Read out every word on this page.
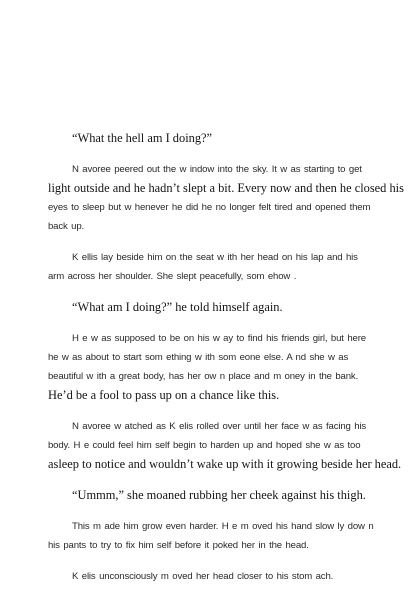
“What the hell am I doing?”
N avoree peered out the w indow into the sky. It w as starting to get
light outside and he hadn’t slept a bit. Every now and then he closed his
eyes to sleep but w henever he did he no longer felt tired and opened them
back up.
K ellis lay beside him on the seat w ith her head on his lap and his
arm across her shoulder. She slept peacefully, som ehow .
“What am I doing?” he told himself again.
H e w as supposed to be on his w ay to find his friends girl, but here
he w as about to start som ething w ith som eone else. A nd she w as
beautiful w ith a great body, has her ow n place and m oney in the bank.
He’d be a fool to pass up on a chance like this.
N avoree w atched as K elis rolled over until her face w as facing his
body. H e could feel him self begin to harden up and hoped she w as too
asleep to notice and wouldn’t wake up with it growing beside her head.
“Ummm,” she moaned rubbing her cheek against his thigh.
This m ade him grow even harder. H e m oved his hand slow ly dow n
his pants to try to fix him self before it poked her in the head.
K elis unconsciously m oved her head closer to his stom ach.
